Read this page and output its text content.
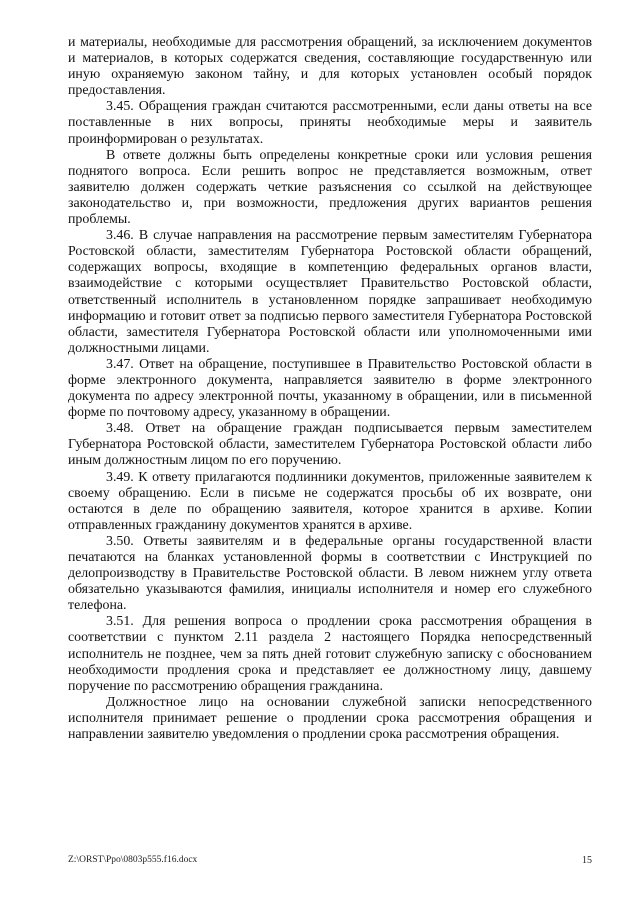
и материалы, необходимые для рассмотрения обращений, за исключением документов и материалов, в которых содержатся сведения, составляющие государственную или иную охраняемую законом тайну, и для которых установлен особый порядок предоставления.

3.45. Обращения граждан считаются рассмотренными, если даны ответы на все поставленные в них вопросы, приняты необходимые меры и заявитель проинформирован о результатах.

В ответе должны быть определены конкретные сроки или условия решения поднятого вопроса. Если решить вопрос не представляется возможным, ответ заявителю должен содержать четкие разъяснения со ссылкой на действующее законодательство и, при возможности, предложения других вариантов решения проблемы.

3.46. В случае направления на рассмотрение первым заместителям Губернатора Ростовской области, заместителям Губернатора Ростовской области обращений, содержащих вопросы, входящие в компетенцию федеральных органов власти, взаимодействие с которыми осуществляет Правительство Ростовской области, ответственный исполнитель в установленном порядке запрашивает необходимую информацию и готовит ответ за подписью первого заместителя Губернатора Ростовской области, заместителя Губернатора Ростовской области или уполномоченными ими должностными лицами.

3.47. Ответ на обращение, поступившее в Правительство Ростовской области в форме электронного документа, направляется заявителю в форме электронного документа по адресу электронной почты, указанному в обращении, или в письменной форме по почтовому адресу, указанному в обращении.

3.48. Ответ на обращение граждан подписывается первым заместителем Губернатора Ростовской области, заместителем Губернатора Ростовской области либо иным должностным лицом по его поручению.

3.49. К ответу прилагаются подлинники документов, приложенные заявителем к своему обращению. Если в письме не содержатся просьбы об их возврате, они остаются в деле по обращению заявителя, которое хранится в архиве. Копии отправленных гражданину документов хранятся в архиве.

3.50. Ответы заявителям и в федеральные органы государственной власти печатаются на бланках установленной формы в соответствии с Инструкцией по делопроизводству в Правительстве Ростовской области. В левом нижнем углу ответа обязательно указываются фамилия, инициалы исполнителя и номер его служебного телефона.

3.51. Для решения вопроса о продлении срока рассмотрения обращения в соответствии с пунктом 2.11 раздела 2 настоящего Порядка непосредственный исполнитель не позднее, чем за пять дней готовит служебную записку с обоснованием необходимости продления срока и представляет ее должностному лицу, давшему поручение по рассмотрению обращения гражданина.

Должностное лицо на основании служебной записки непосредственного исполнителя принимает решение о продлении срока рассмотрения обращения и направлении заявителю уведомления о продлении срока рассмотрения обращения.

Z:\ORST\Ppo\0803p555.f16.docx	15
